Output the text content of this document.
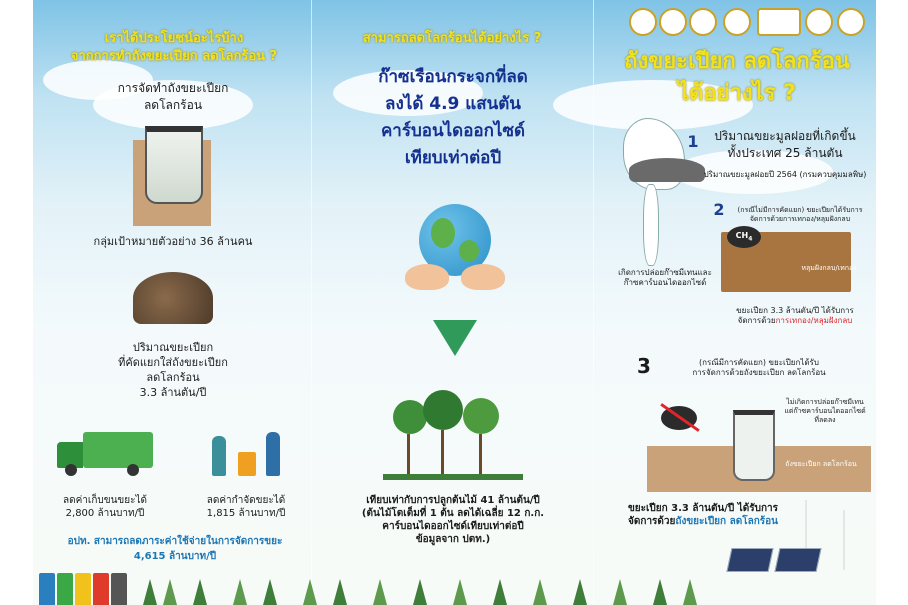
เราได้ประโยชน์อะไรบ้าง
จากการทำถังขยะเปียก ลดโลกร้อน ?

การจัดทำถังขยะเปียก
ลดโลกร้อน

กลุ่มเป้าหมายตัวอย่าง 36 ล้านคน

ปริมาณขยะเปียก
ที่คัดแยกใส่ถังขยะเปียก
ลดโลกร้อน
3.3 ล้านตัน/ปี

ลดค่าเก็บขนขยะได้
2,800 ล้านบาท/ปี

ลดค่ากำจัดขยะได้
1,815 ล้านบาท/ปี

อปท. สามารถลดภาระค่าใช้จ่ายในการจัดการขยะ
4,615 ล้านบาท/ปี

สามารถลดโลกร้อนได้อย่างไร ?

ก๊าซเรือนกระจกที่ลด
ลงได้ 4.9 แสนตัน
คาร์บอนไดออกไซด์
เทียบเท่าต่อปี

เทียบเท่ากับการปลูกต้นไม้ 41 ล้านต้น/ปี
(ต้นไม้โตเต็มที่ 1 ต้น ลดได้เฉลี่ย 12 ก.ก.
คาร์บอนไดออกไซด์เทียบเท่าต่อปี
ข้อมูลจาก ปตท.)

ถังขยะเปียก ลดโลกร้อน
ได้อย่างไร ?

1	ปริมาณขยะมูลฝอยที่เกิดขึ้น
ทั้งประเทศ 25 ล้านตัน

ปริมาณขยะมูลฝอยปี 2564 (กรมควบคุมมลพิษ)

2	(กรณีไม่มีการคัดแยก) ขยะเปียกได้รับการ
จัดการด้วยการเทกอง/หลุมฝังกลบ

$CH_4$

หลุมฝังกลบ/เทกอง

เกิดการปล่อยก๊าซมีเทนและ
ก๊าซคาร์บอนไดออกไซด์

ขยะเปียก 3.3 ล้านตัน/ปี ได้รับการ
จัดการด้วยการเทกอง/หลุมฝังกลบ

3	(กรณีมีการคัดแยก) ขยะเปียกได้รับ
การจัดการด้วยถังขยะเปียก ลดโลกร้อน

ไม่เกิดการปล่อยก๊าซมีเทน
แต่ก๊าซคาร์บอนไดออกไซด์
ที่ลดลง

ถังขยะเปียก ลดโลกร้อน

ขยะเปียก 3.3 ล้านตัน/ปี ได้รับการ
จัดการด้วยถังขยะเปียก ลดโลกร้อน
